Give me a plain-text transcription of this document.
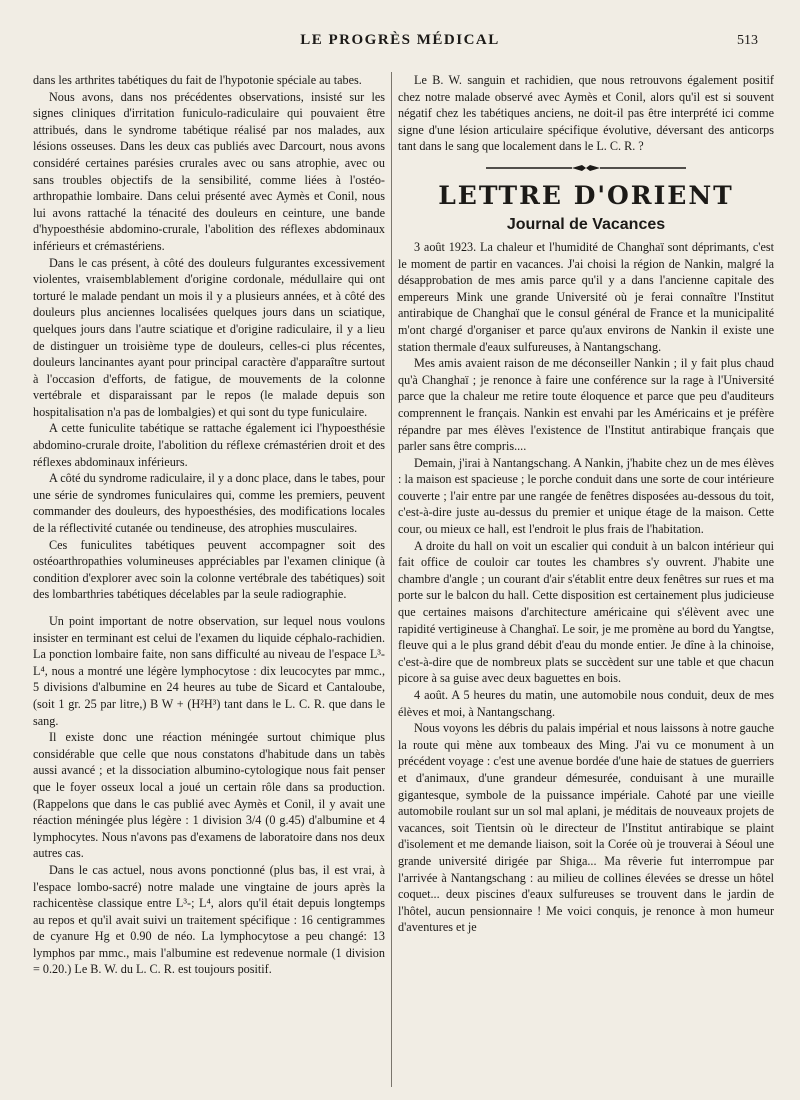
LE PROGRÈS MÉDICAL	513

dans les arthrites tabétiques du fait de l'hypotonie spéciale au tabes.

Nous avons, dans nos précédentes observations, insisté sur les signes cliniques d'irritation funiculo-radiculaire qui pouvaient être attribués, dans le syndrome tabétique réalisé par nos malades, aux lésions osseuses. Dans les deux cas publiés avec Darcourt, nous avons considéré certaines parésies crurales avec ou sans atrophie, avec ou sans troubles objectifs de la sensibilité, comme liées à l'ostéo-arthropathie lombaire. Dans celui présenté avec Aymès et Conil, nous lui avons rattaché la ténacité des douleurs en ceinture, une bande d'hypoesthésie abdomino-crurale, l'abolition des réflexes abdominaux inférieurs et crémastériens.

Dans le cas présent, à côté des douleurs fulgurantes excessivement violentes, vraisemblablement d'origine cordonale, médullaire qui ont torturé le malade pendant un mois il y a plusieurs années, et à côté des douleurs plus anciennes localisées quelques jours dans un sciatique, quelques jours dans l'autre sciatique et d'origine radiculaire, il y a lieu de distinguer un troisième type de douleurs, celles-ci plus récentes, douleurs lancinantes ayant pour principal caractère d'apparaître surtout à l'occasion d'efforts, de fatigue, de mouvements de la colonne vertébrale et disparaissant par le repos (le malade depuis son hospitalisation n'a pas de lombalgies) et qui sont du type funiculaire.

A cette funiculite tabétique se rattache également ici l'hypoesthésie abdomino-crurale droite, l'abolition du réflexe crémastérien droit et des réflexes abdominaux inférieurs.

A côté du syndrome radiculaire, il y a donc place, dans le tabes, pour une série de syndromes funiculaires qui, comme les premiers, peuvent commander des douleurs, des hypoesthésies, des modifications locales de la réflectivité cutanée ou tendineuse, des atrophies musculaires.

Ces funiculites tabétiques peuvent accompagner soit des ostéoarthropathies volumineuses appréciables par l'examen clinique (à condition d'explorer avec soin la colonne vertébrale des tabétiques) soit des lombarthries tabétiques décelables par la seule radiographie.

Un point important de notre observation, sur lequel nous voulons insister en terminant est celui de l'examen du liquide céphalo-rachidien. La ponction lombaire faite, non sans difficulté au niveau de l'espace L³-L⁴, nous a montré une légère lymphocytose : dix leucocytes par mmc., 5 divisions d'albumine en 24 heures au tube de Sicard et Cantaloube, (soit 1 gr. 25 par litre,) B W + (H²H³) tant dans le L. C. R. que dans le sang.

Il existe donc une réaction méningée surtout chimique plus considérable que celle que nous constatons d'habitude dans un tabès aussi avancé ; et la dissociation albumino-cytologique nous fait penser que le foyer osseux local a joué un certain rôle dans sa production. (Rappelons que dans le cas publié avec Aymès et Conil, il y avait une réaction méningée plus légère : 1 division 3/4 (0 g.45) d'albumine et 4 lymphocytes. Nous n'avons pas d'examens de laboratoire dans nos deux autres cas.

Dans le cas actuel, nous avons ponctionné (plus bas, il est vrai, à l'espace lombo-sacré) notre malade une vingtaine de jours après la rachicentèse classique entre L³-; L⁴, alors qu'il était depuis longtemps au repos et qu'il avait suivi un traitement spécifique : 16 centigrammes de cyanure Hg et 0.90 de néo. La lymphocytose a peu changé: 13 lymphos par mmc., mais l'albumine est redevenue normale (1 division = 0.20.) Le B. W. du L. C. R. est toujours positif.

Le B. W. sanguin et rachidien, que nous retrouvons également positif chez notre malade observé avec Aymès et Conil, alors qu'il est si souvent négatif chez les tabétiques anciens, ne doit-il pas être interprété ici comme signe d'une lésion articulaire spécifique évolutive, déversant des anticorps tant dans le sang que localement dans le L. C. R. ?

LETTRE D'ORIENT
Journal de Vacances

3 août 1923. La chaleur et l'humidité de Changhaï sont déprimants, c'est le moment de partir en vacances. J'ai choisi la région de Nankin, malgré la désapprobation de mes amis parce qu'il y a dans l'ancienne capitale des empereurs Mink une grande Université où je ferai connaître l'Institut antirabique de Changhaï que le consul général de France et la municipalité m'ont chargé d'organiser et parce qu'aux environs de Nankin il existe une station thermale d'eaux sulfureuses, à Nantangschang.

Mes amis avaient raison de me déconseiller Nankin ; il y fait plus chaud qu'à Changhaï ; je renonce à faire une conférence sur la rage à l'Université parce que la chaleur me retire toute éloquence et parce que peu d'auditeurs comprennent le français. Nankin est envahi par les Américains et je préfère répandre par mes élèves l'existence de l'Institut antirabique français que parler sans être compris....

Demain, j'irai à Nantangschang. A Nankin, j'habite chez un de mes élèves : la maison est spacieuse ; le porche conduit dans une sorte de cour intérieure couverte ; l'air entre par une rangée de fenêtres disposées au-dessous du toit, c'est-à-dire juste au-dessus du premier et unique étage de la maison. Cette cour, ou mieux ce hall, est l'endroit le plus frais de l'habitation.

A droite du hall on voit un escalier qui conduit à un balcon intérieur qui fait office de couloir car toutes les chambres s'y ouvrent. J'habite une chambre d'angle ; un courant d'air s'établit entre deux fenêtres sur rues et ma porte sur le balcon du hall. Cette disposition est certainement plus judicieuse que certaines maisons d'architecture américaine qui s'élèvent avec une rapidité vertigineuse à Changhaï. Le soir, je me promène au bord du Yangtse, fleuve qui a le plus grand débit d'eau du monde entier. Je dîne à la chinoise, c'est-à-dire que de nombreux plats se succèdent sur une table et que chacun picore à sa guise avec deux baguettes en bois.

4 août. A 5 heures du matin, une automobile nous conduit, deux de mes élèves et moi, à Nantangschang.

Nous voyons les débris du palais impérial et nous laissons à notre gauche la route qui mène aux tombeaux des Ming. J'ai vu ce monument à un précédent voyage : c'est une avenue bordée d'une haie de statues de guerriers et d'animaux, d'une grandeur démesurée, conduisant à une muraille gigantesque, symbole de la puissance impériale. Cahoté par une vieille automobile roulant sur un sol mal aplani, je méditais de nouveaux projets de vacances, soit Tientsin où le directeur de l'Institut antirabique se plaint d'isolement et me demande liaison, soit la Corée où je trouverai à Séoul une grande université dirigée par Shiga... Ma rêverie fut interrompue par l'arrivée à Nantangschang : au milieu de collines élevées se dresse un hôtel coquet... deux piscines d'eaux sulfureuses se trouvent dans le jardin de l'hôtel, aucun pensionnaire ! Me voici conquis, je renonce à mon humeur d'aventures et je
